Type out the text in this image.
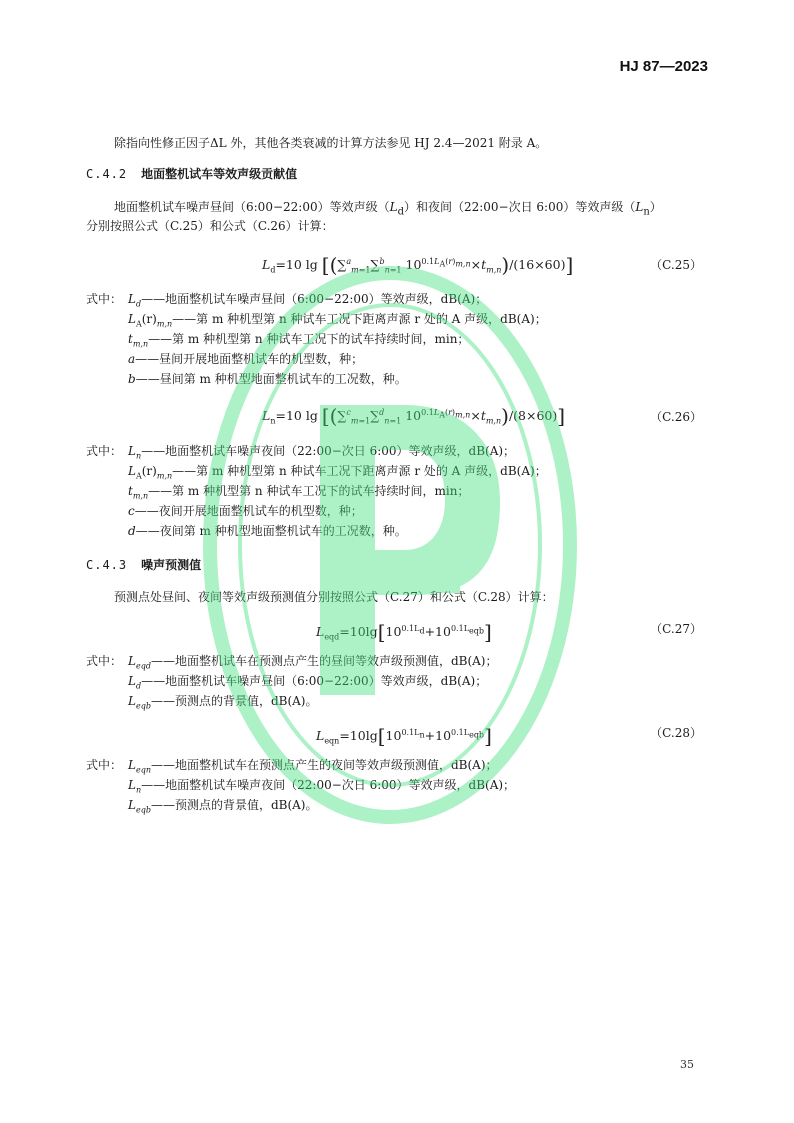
HJ 87—2023
除指向性修正因子ΔL 外，其他各类衰减的计算方法参见 HJ 2.4—2021 附录 A。
C.4.2 地面整机试车等效声级贡献值
地面整机试车噪声昼间（6:00−22:00）等效声级$(L_d)$和夜间（22:00−次日 6:00）等效声级$(L_n)$
分别按照公式（C.25）和公式（C.26）计算：
$L_d=10$ lg [(∑$^a_{m=1}$∑$^b_{n=1}$ $10^{0.1L_A(r)_{m,n}}\times t_{m,n})/(16\times 60)$]	（C.25）
式中： $L_d——$地面整机试车噪声昼间（6:00−22:00）等效声级，dB(A)；
$L_A(r)_{m,n}——$第 m 种机型第 n 种试车工况下距离声源 r 处的 A 声级，dB(A)；
$t_{m,n}——$第 m 种机型第 n 种试车工况下的试车持续时间，min；
a——昼间开展地面整机试车的机型数，种；
b——昼间第 m 种机型地面整机试车的工况数，种。
$L_n=10$ lg [(∑$^c_{m=1}$∑$^d_{n=1}$ $10^{0.1L_A(r)_{m,n}}\times t_{m,n})/(8\times 60)$]	（C.26）
式中： $L_n——$地面整机试车噪声夜间（22:00−次日 6:00）等效声级，dB(A)；
$L_A(r)_{m,n}——$第 m 种机型第 n 种试车工况下距离声源 r 处的 A 声级，dB(A)；
$t_{m,n}——$第 m 种机型第 n 种试车工况下的试车持续时间，min；
c——夜间开展地面整机试车的机型数，种；
d——夜间第 m 种机型地面整机试车的工况数，种。
C.4.3 噪声预测值
预测点处昼间、夜间等效声级预测值分别按照公式（C.27）和公式（C.28）计算：
$L_{eqd}=10\lg[10^{0.1L_d}+10^{0.1L_{eqb}}]$	（C.27）
式中： $L_{eqd}——$地面整机试车在预测点产生的昼间等效声级预测值，dB(A)；
$L_d——$地面整机试车噪声昼间（6:00−22:00）等效声级，dB(A)；
$L_{eqb}——$预测点的背景值，dB(A)。
$L_{eqn}=10\lg[10^{0.1L_n}+10^{0.1L_{eqb}}]$	（C.28）
式中： $L_{eqn}——$地面整机试车在预测点产生的夜间等效声级预测值，dB(A)；
$L_n——$地面整机试车噪声夜间（22:00−次日 6:00）等效声级，dB(A)；
$L_{eqb}——$预测点的背景值，dB(A)。
35
